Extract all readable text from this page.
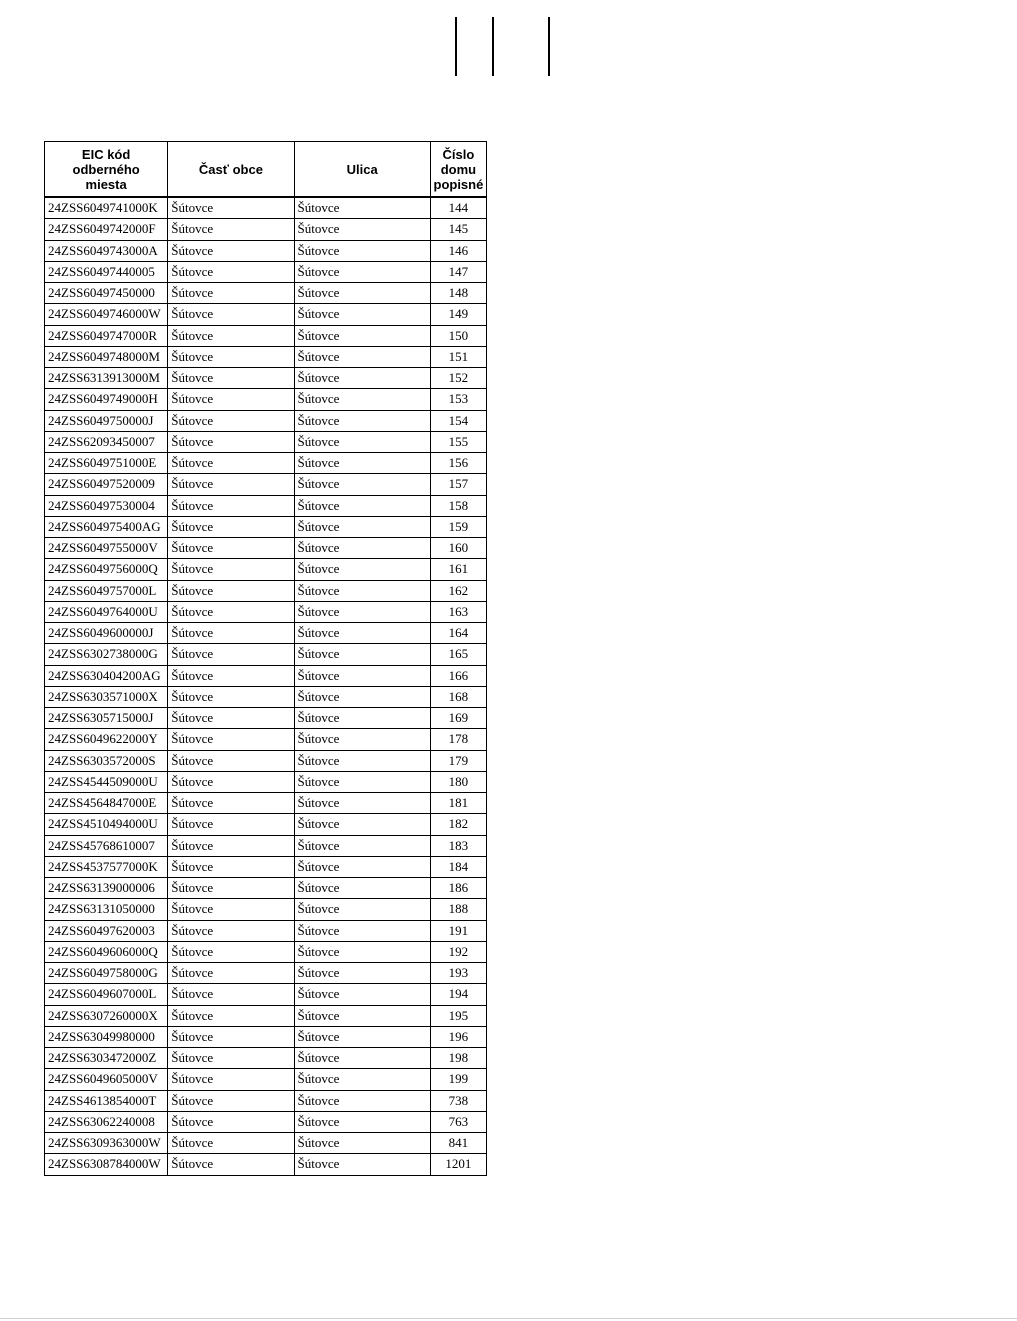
EIC kód
odberného
miesta	Časť obce	Ulica	Číslo
domu
popisné
24ZSS6049741000K	Šútovce	Šútovce	144
24ZSS6049742000F	Šútovce	Šútovce	145
24ZSS6049743000A	Šútovce	Šútovce	146
24ZSS60497440005	Šútovce	Šútovce	147
24ZSS60497450000	Šútovce	Šútovce	148
24ZSS6049746000W	Šútovce	Šútovce	149
24ZSS6049747000R	Šútovce	Šútovce	150
24ZSS6049748000M	Šútovce	Šútovce	151
24ZSS6313913000M	Šútovce	Šútovce	152
24ZSS6049749000H	Šútovce	Šútovce	153
24ZSS6049750000J	Šútovce	Šútovce	154
24ZSS62093450007	Šútovce	Šútovce	155
24ZSS6049751000E	Šútovce	Šútovce	156
24ZSS60497520009	Šútovce	Šútovce	157
24ZSS60497530004	Šútovce	Šútovce	158
24ZSS604975400AG	Šútovce	Šútovce	159
24ZSS6049755000V	Šútovce	Šútovce	160
24ZSS6049756000Q	Šútovce	Šútovce	161
24ZSS6049757000L	Šútovce	Šútovce	162
24ZSS6049764000U	Šútovce	Šútovce	163
24ZSS6049600000J	Šútovce	Šútovce	164
24ZSS6302738000G	Šútovce	Šútovce	165
24ZSS630404200AG	Šútovce	Šútovce	166
24ZSS6303571000X	Šútovce	Šútovce	168
24ZSS6305715000J	Šútovce	Šútovce	169
24ZSS6049622000Y	Šútovce	Šútovce	178
24ZSS6303572000S	Šútovce	Šútovce	179
24ZSS4544509000U	Šútovce	Šútovce	180
24ZSS4564847000E	Šútovce	Šútovce	181
24ZSS4510494000U	Šútovce	Šútovce	182
24ZSS45768610007	Šútovce	Šútovce	183
24ZSS4537577000K	Šútovce	Šútovce	184
24ZSS63139000006	Šútovce	Šútovce	186
24ZSS63131050000	Šútovce	Šútovce	188
24ZSS60497620003	Šútovce	Šútovce	191
24ZSS6049606000Q	Šútovce	Šútovce	192
24ZSS6049758000G	Šútovce	Šútovce	193
24ZSS6049607000L	Šútovce	Šútovce	194
24ZSS6307260000X	Šútovce	Šútovce	195
24ZSS63049980000	Šútovce	Šútovce	196
24ZSS6303472000Z	Šútovce	Šútovce	198
24ZSS6049605000V	Šútovce	Šútovce	199
24ZSS4613854000T	Šútovce	Šútovce	738
24ZSS63062240008	Šútovce	Šútovce	763
24ZSS6309363000W	Šútovce	Šútovce	841
24ZSS6308784000W	Šútovce	Šútovce	1201
